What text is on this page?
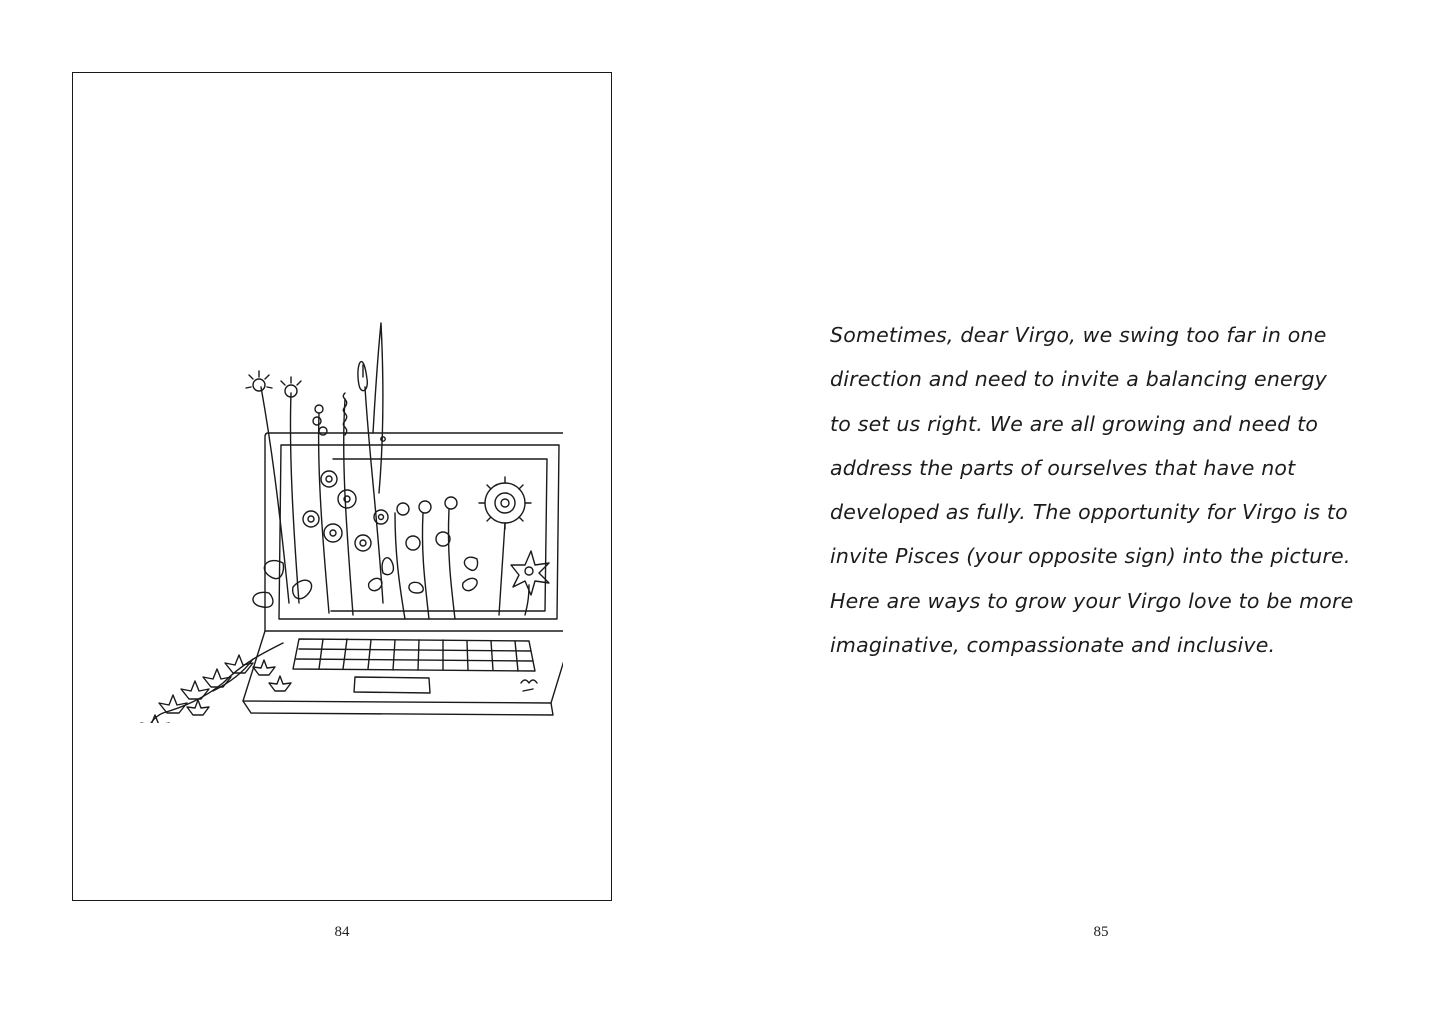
84

Sometimes, dear Virgo, we swing too far in one
direction and need to invite a balancing energy
to set us right. We are all growing and need to
address the parts of ourselves that have not
developed as fully. The opportunity for Virgo is to
invite Pisces (your opposite sign) into the picture.
Here are ways to grow your Virgo love to be more
imaginative, compassionate and inclusive.

85
